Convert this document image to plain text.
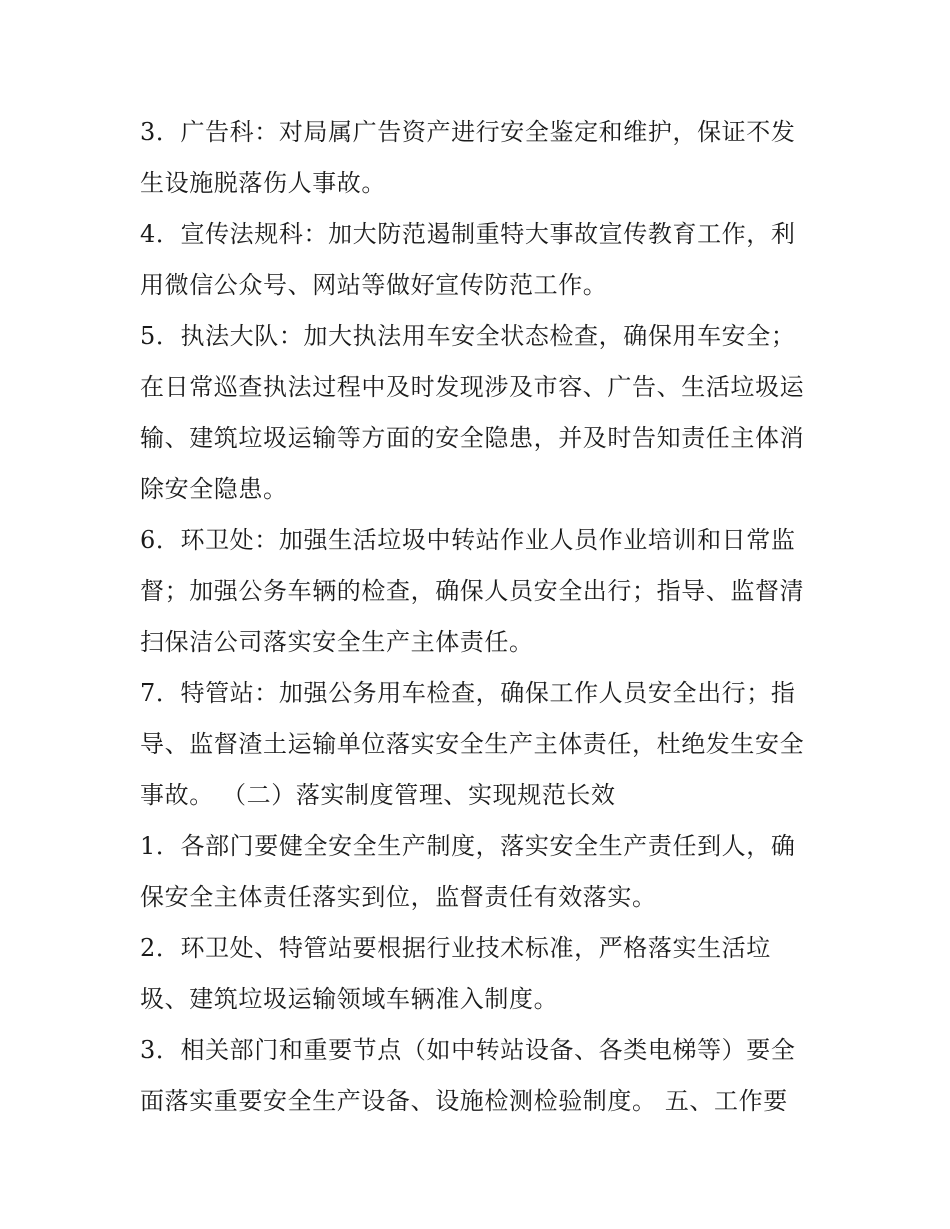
3．广告科：对局属广告资产进行安全鉴定和维护，保证不发
生设施脱落伤人事故。
4．宣传法规科：加大防范遏制重特大事故宣传教育工作，利
用微信公众号、网站等做好宣传防范工作。
5．执法大队：加大执法用车安全状态检查，确保用车安全；
在日常巡查执法过程中及时发现涉及市容、广告、生活垃圾运
输、建筑垃圾运输等方面的安全隐患，并及时告知责任主体消
除安全隐患。
6．环卫处：加强生活垃圾中转站作业人员作业培训和日常监
督；加强公务车辆的检查，确保人员安全出行；指导、监督清
扫保洁公司落实安全生产主体责任。
7．特管站：加强公务用车检查，确保工作人员安全出行；指
导、监督渣土运输单位落实安全生产主体责任，杜绝发生安全
事故。 （二）落实制度管理、实现规范长效
1．各部门要健全安全生产制度，落实安全生产责任到人，确
保安全主体责任落实到位，监督责任有效落实。
2．环卫处、特管站要根据行业技术标准，严格落实生活垃
圾、建筑垃圾运输领域车辆准入制度。
3．相关部门和重要节点（如中转站设备、各类电梯等）要全
面落实重要安全生产设备、设施检测检验制度。 五、工作要
